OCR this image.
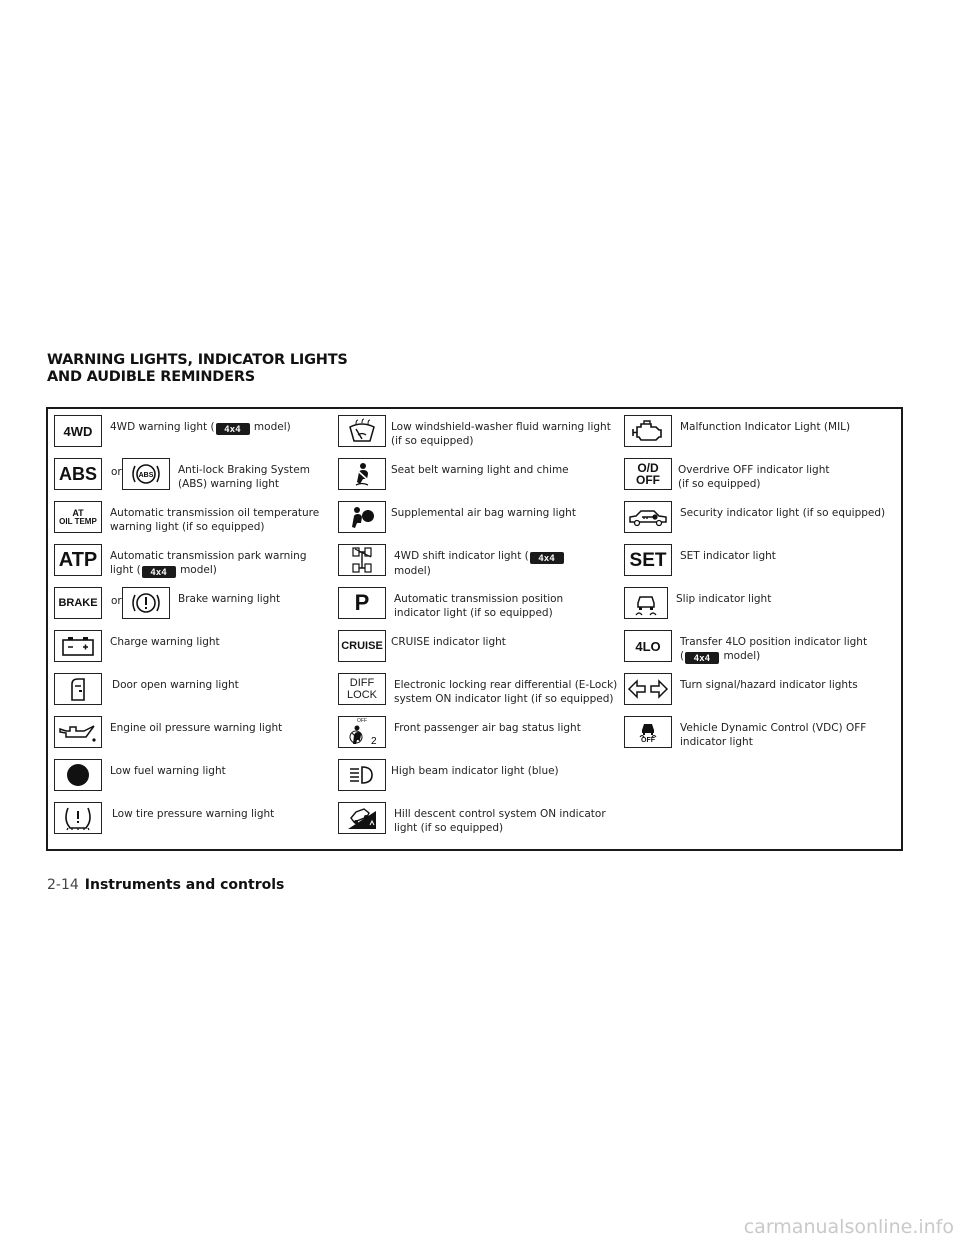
WARNING LIGHTS, INDICATOR LIGHTS
AND AUDIBLE REMINDERS
4WD 4WD warning light ( 4x4 model)
ABS or ABS Anti-lock Braking System
(ABS) warning light
AT
OIL TEMP
Automatic transmission oil temperature
warning light (if so equipped)
ATP Automatic transmission park warning
light ( 4x4 model)
BRAKE or	Brake warning light
Charge warning light
Door open warning light
Engine oil pressure warning light
Low fuel warning light
Low tire pressure warning light
Low windshield-washer fluid warning light
(if so equipped)
Seat belt warning light and chime
Supplemental air bag warning light
4WD shift indicator light ( 4x4
model)
P Automatic transmission position
indicator light (if so equipped)
CRUISE CRUISE indicator light
DIFF
LOCK
Electronic locking rear differential (E-Lock)
system ON indicator light (if so equipped)
OFF
2
Front passenger air bag status light
High beam indicator light (blue)
Hill descent control system ON indicator
light (if so equipped)
Malfunction Indicator Light (MIL)
O/D
OFF
Overdrive OFF indicator light
(if so equipped)
Security indicator light (if so equipped)
SET SET indicator light
Slip indicator light
4LO Transfer 4LO position indicator light
( 4x4 model)
Turn signal/hazard indicator lights
OFF
Vehicle Dynamic Control (VDC) OFF
indicator light
2-14 Instruments and controls
carmanualsonline.info
